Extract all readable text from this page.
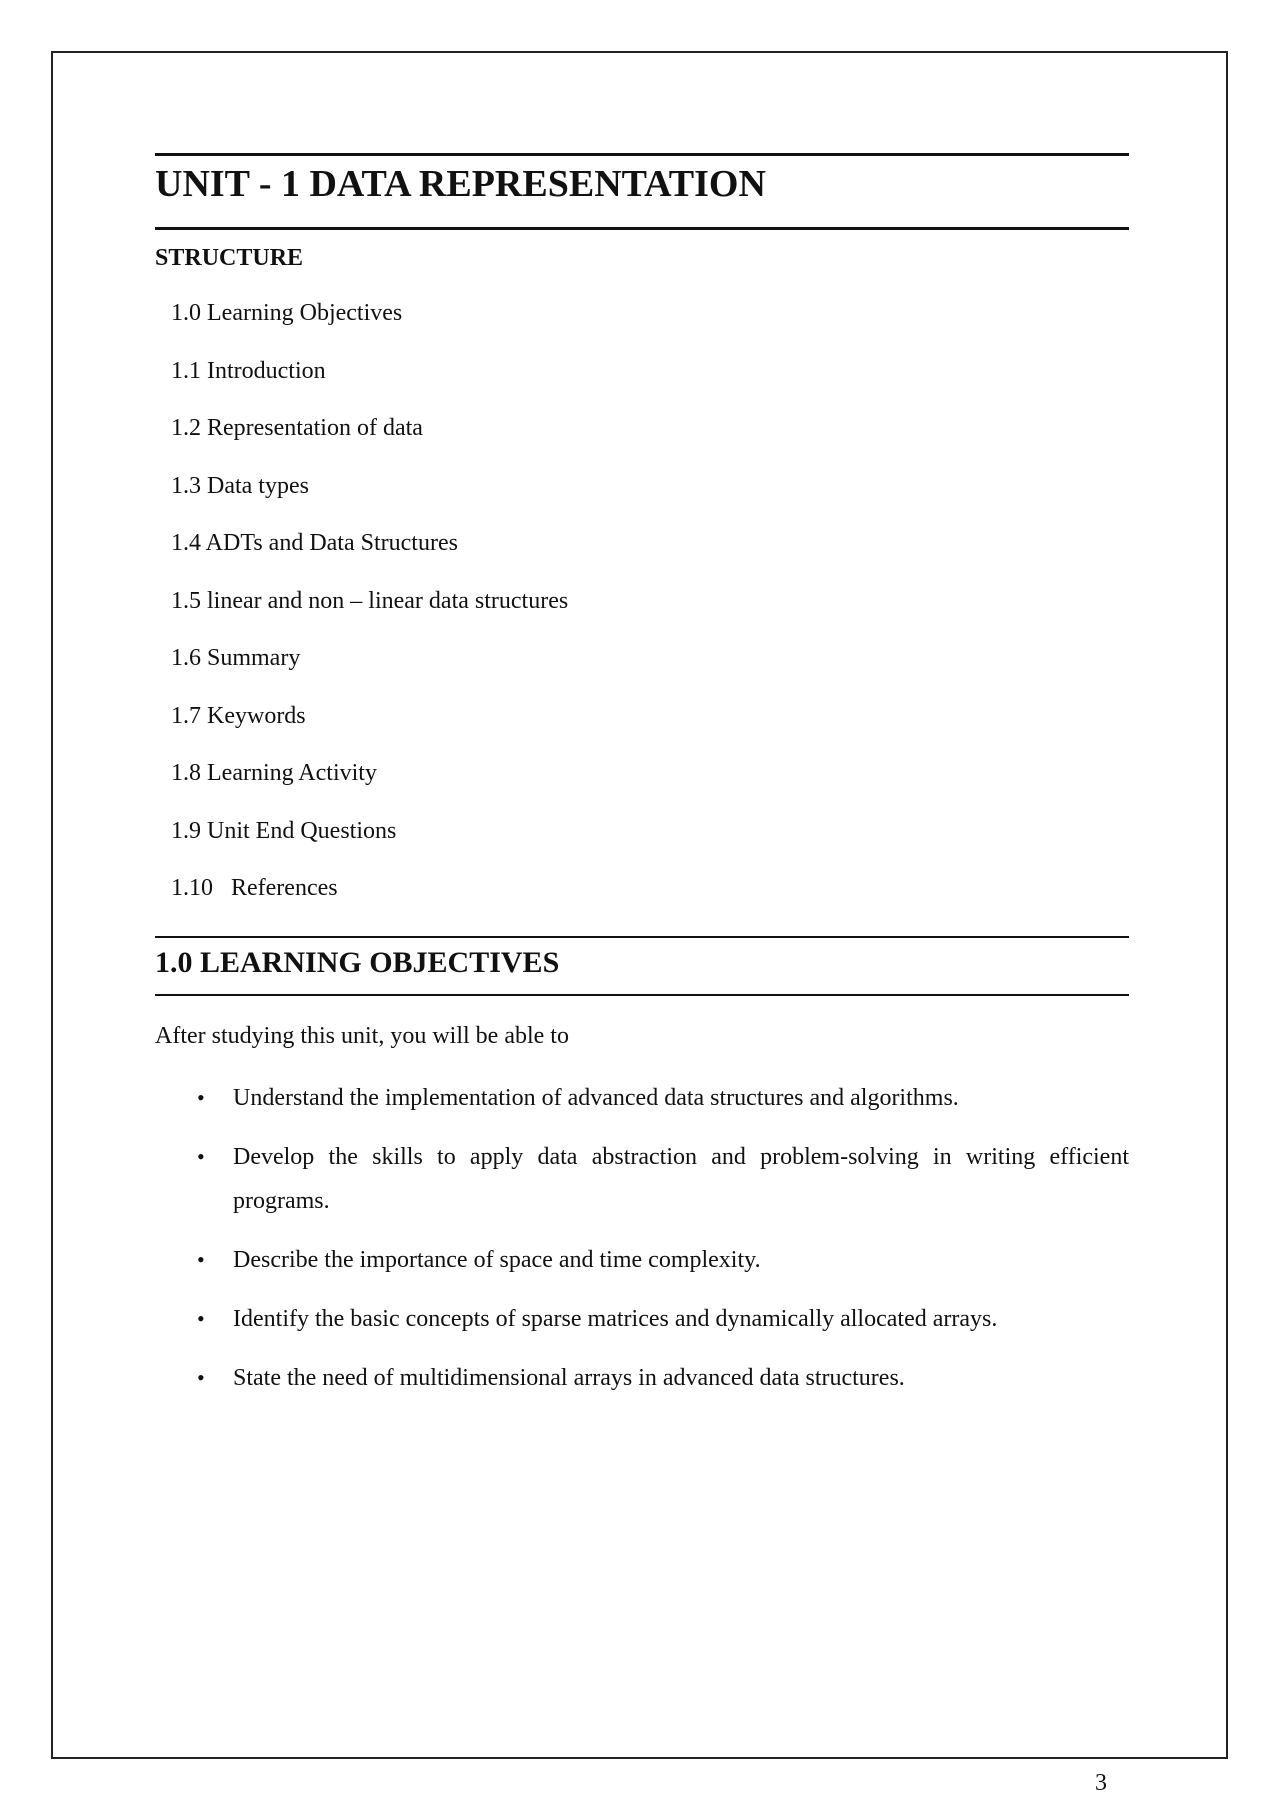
UNIT - 1 DATA REPRESENTATION
STRUCTURE
1.0 Learning Objectives
1.1 Introduction
1.2 Representation of data
1.3 Data types
1.4 ADTs and Data Structures
1.5 linear and non – linear data structures
1.6 Summary
1.7 Keywords
1.8 Learning Activity
1.9 Unit End Questions
1.10   References
1.0 LEARNING OBJECTIVES

After studying this unit, you will be able to

• Understand the implementation of advanced data structures and algorithms.
• Develop the skills to apply data abstraction and problem-solving in writing efficient programs.
• Describe the importance of space and time complexity.
• Identify the basic concepts of sparse matrices and dynamically allocated arrays.
• State the need of multidimensional arrays in advanced data structures.
3
